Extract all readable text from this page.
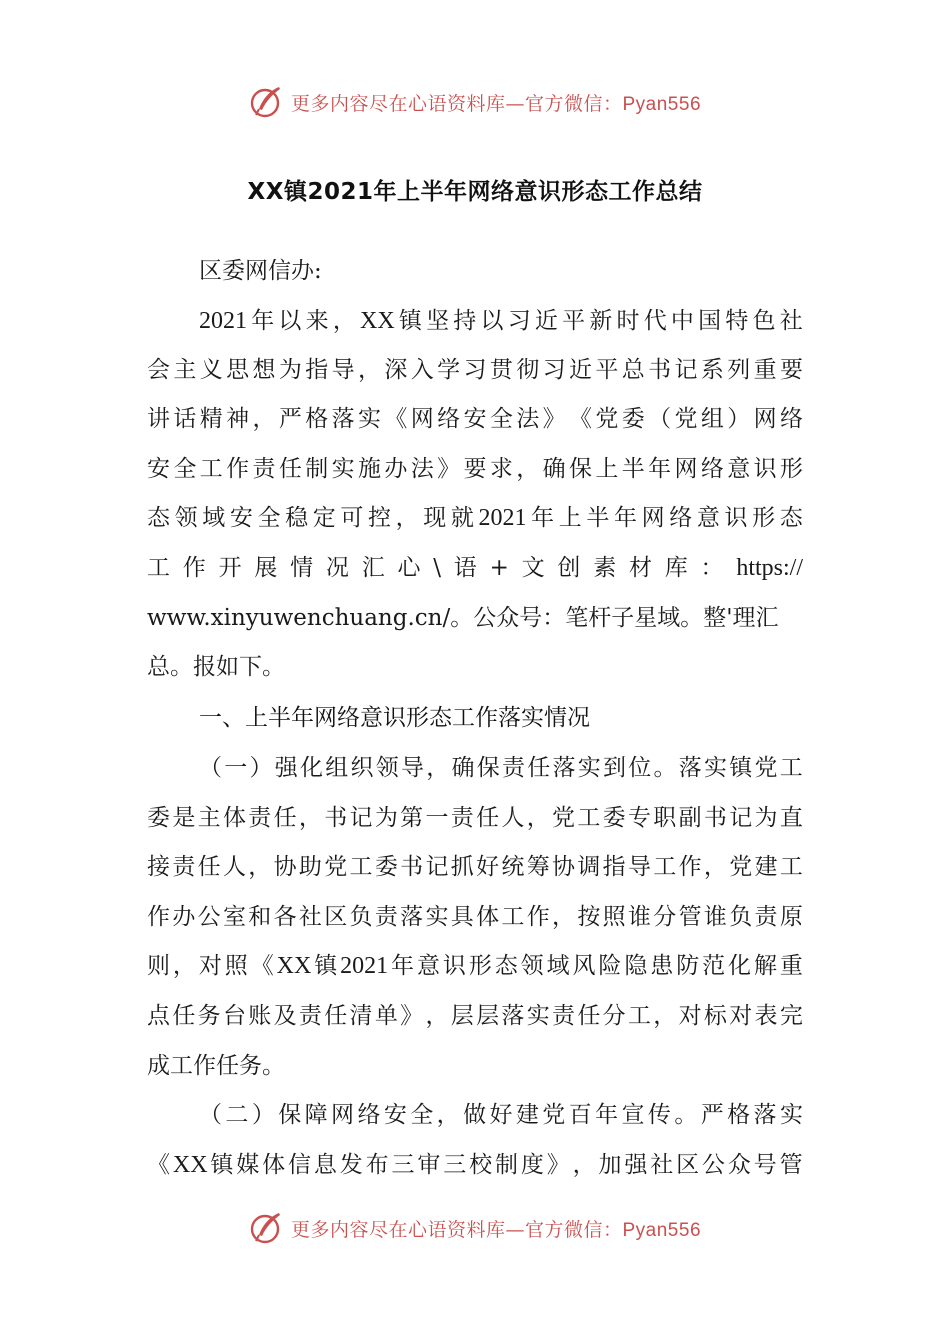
更多内容尽在心语资料库—官方微信：Pyan556
XX镇2021年上半年网络意识形态工作总结
区委网信办:
2021 年 以 来 ， XX 镇 坚 持 以 习 近 平 新 时 代 中 国 特 色 社
会 主 义 思 想 为 指 导 ， 深 入 学 习 贯 彻 习 近 平 总 书 记 系 列 重 要
讲 话 精 神 ， 严 格 落 实 《 网 络 安 全 法 》 《 党 委 （ 党 组 ） 网 络
安 全 工 作 责 任 制 实 施 办 法 》 要 求 ， 确 保 上 半 年 网 络 意 识 形
态 领 域 安 全 稳 定 可 控 ， 现 就 2021 年 上 半 年 网 络 意 识 形 态
工 作 开 展 情 况 汇 心 \ 语 + 文 创 素 材 库 ： https://
www.xinyuwenchuang.cn/。公众号：笔杆子星域。整'理汇
总。报如下。
一、上半年网络意识形态工作落实情况
（ 一 ） 强 化 组 织 领 导 ， 确 保 责 任 落 实 到 位 。 落 实 镇 党 工
委 是 主 体 责 任 ， 书 记 为 第 一 责 任 人 ， 党 工 委 专 职 副 书 记 为 直
接 责 任 人 ， 协 助 党 工 委 书 记 抓 好 统 筹 协 调 指 导 工 作 ， 党 建 工
作 办 公 室 和 各 社 区 负 责 落 实 具 体 工 作 ， 按 照 谁 分 管 谁 负 责 原
则 ， 对 照 《 XX 镇 2021 年 意 识 形 态 领 域 风 险 隐 患 防 范 化 解 重
点 任 务 台 账 及 责 任 清 单 》 ， 层 层 落 实 责 任 分 工 ， 对 标 对 表 完
成工作任务。
（ 二 ） 保 障 网 络 安 全 ， 做 好 建 党 百 年 宣 传 。 严 格 落 实
《 XX 镇 媒 体 信 息 发 布 三 审 三 校 制 度 》 ， 加 强 社 区 公 众 号 管
更多内容尽在心语资料库—官方微信：Pyan556
